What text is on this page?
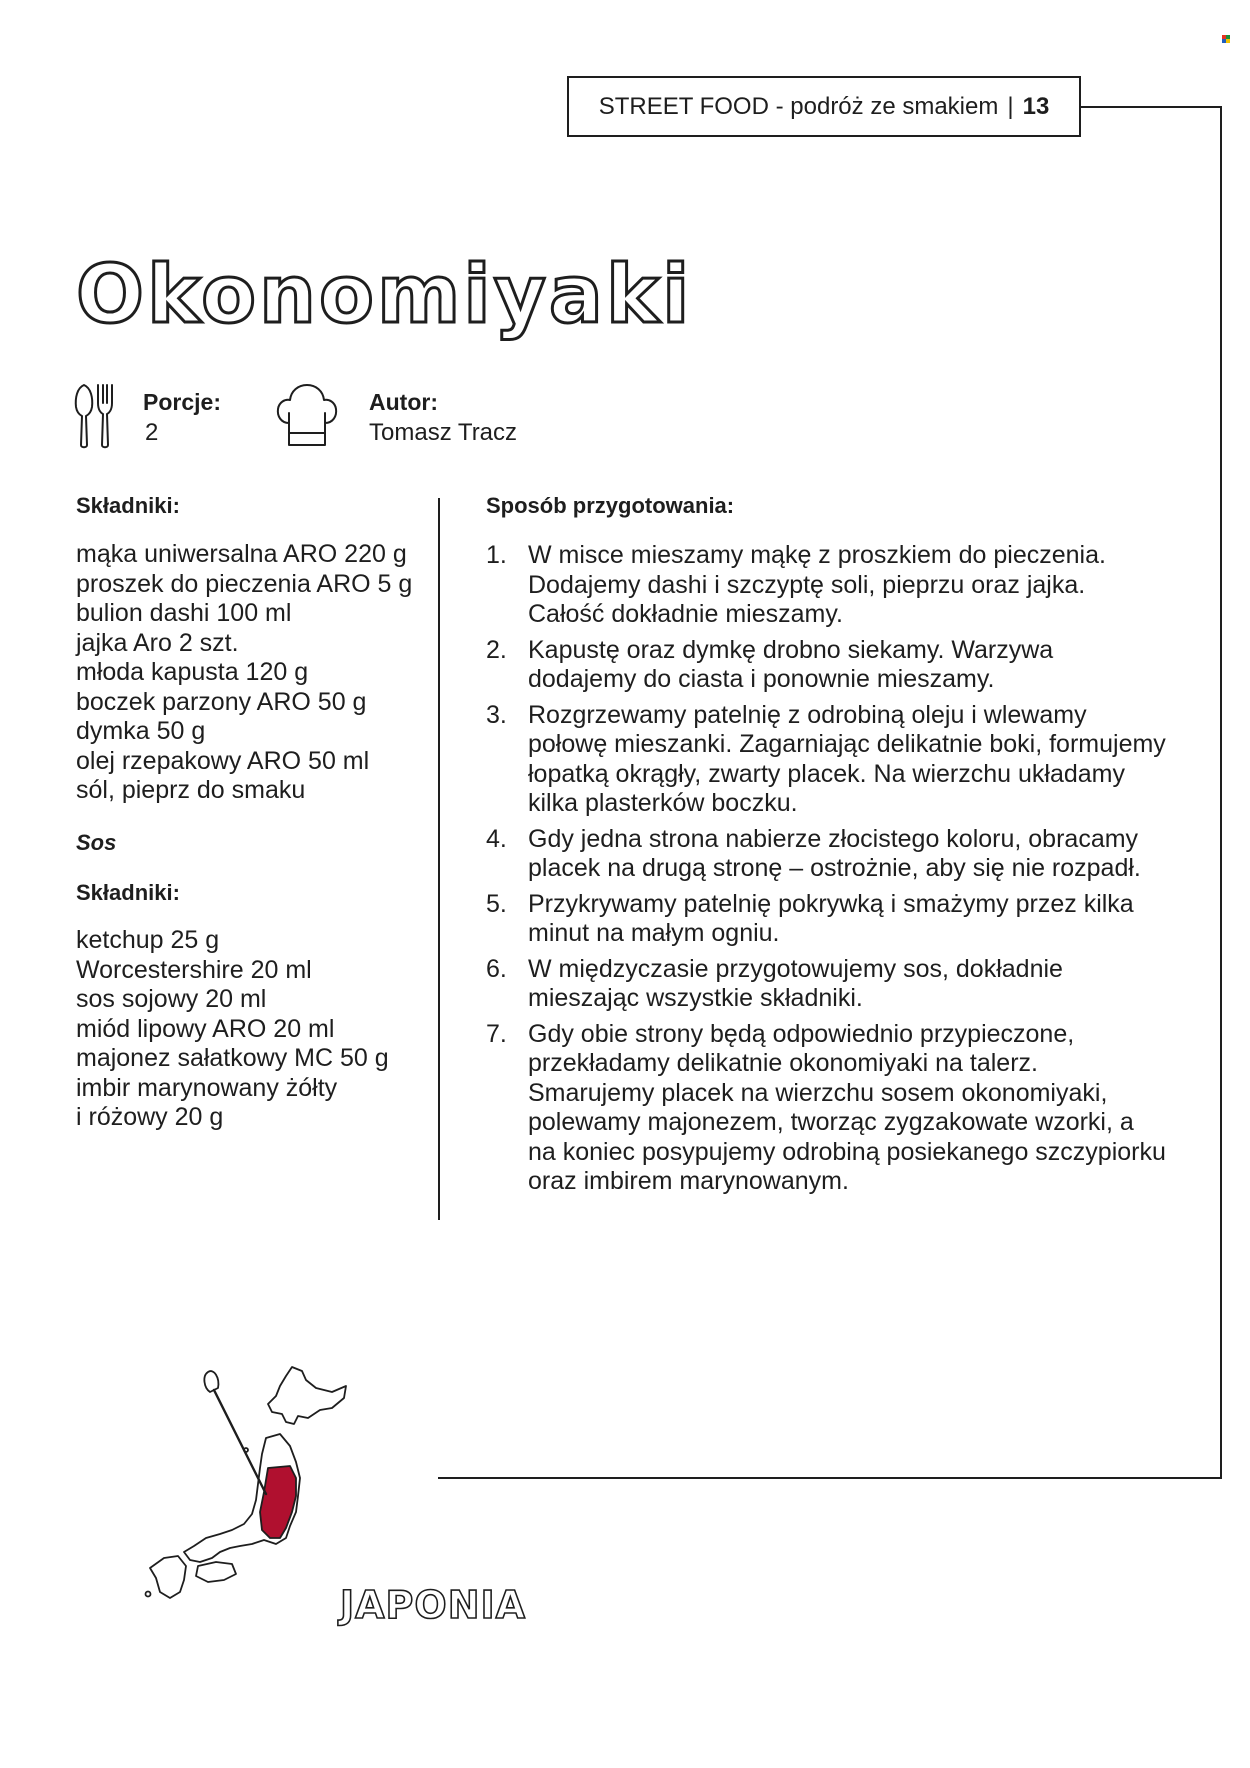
STREET FOOD
- podróż ze smakiem | 13
Okonomiyaki
Porcje:
2
Autor:
Tomasz Tracz
Składniki:
mąka uniwersalna ARO 220 g
proszek do pieczenia ARO 5 g
bulion dashi 100 ml
jajka Aro 2 szt.
młoda kapusta 120 g
boczek parzony ARO 50 g
dymka 50 g
olej rzepakowy ARO 50 ml
sól, pieprz do smaku
Sos
Składniki:
ketchup 25 g
Worcestershire 20 ml
sos sojowy 20 ml
miód lipowy ARO 20 ml
majonez sałatkowy MC 50 g
imbir marynowany żółty
i różowy 20 g
Sposób przygotowania:
1. W misce mieszamy mąkę z proszkiem do pieczenia. Dodajemy dashi i szczyptę soli, pieprzu oraz jajka. Całość dokładnie mieszamy.
2. Kapustę oraz dymkę drobno siekamy. Warzywa dodajemy do ciasta i ponownie mieszamy.
3. Rozgrzewamy patelnię z odrobiną oleju i wlewamy połowę mieszanki. Zagarniając delikatnie boki, formujemy łopatką okrągły, zwarty placek. Na wierzchu układamy kilka plasterków boczku.
4. Gdy jedna strona nabierze złocistego koloru, obracamy placek na drugą stronę – ostrożnie, aby się nie rozpadł.
5. Przykrywamy patelnię pokrywką i smażymy przez kilka minut na małym ogniu.
6. W międzyczasie przygotowujemy sos, dokładnie mieszając wszystkie składniki.
7. Gdy obie strony będą odpowiednio przypieczone, przekładamy delikatnie okonomiyaki na talerz. Smarujemy placek na wierzchu sosem okonomiyaki, polewamy majonezem, tworząc zygzakowate wzorki, a na koniec posypujemy odrobiną posiekanego szczypiorku oraz imbirem marynowanym.
JAPONIA
